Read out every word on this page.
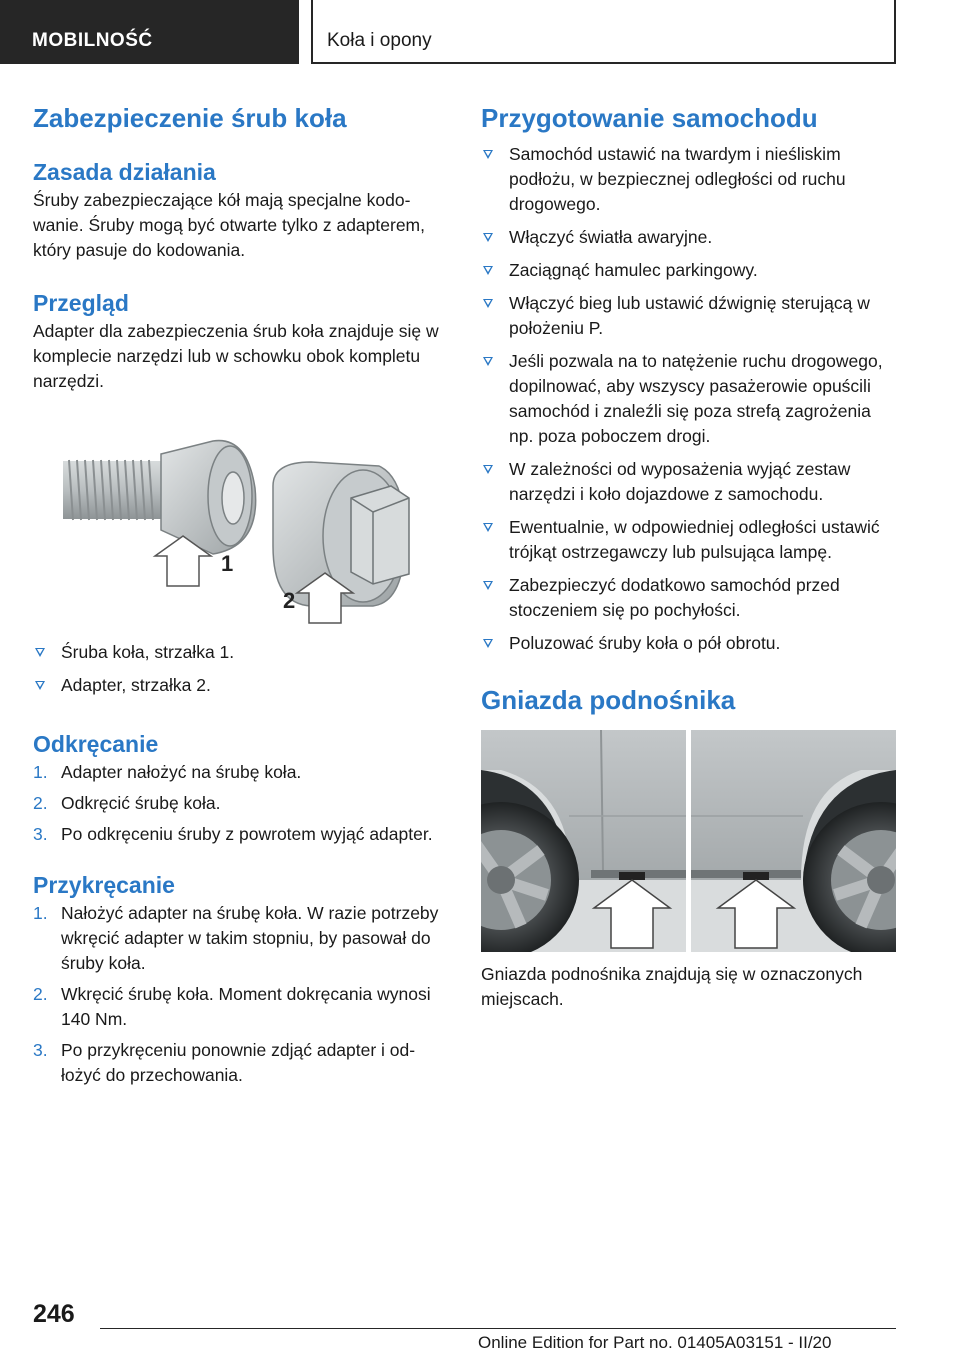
MOBILNOŚĆ	Koła i opony
Zabezpieczenie śrub koła
Zasada działania

Śruby zabezpieczające kół mają specjalne kodowanie. Śruby mogą być otwarte tylko z adapterem, który pasuje do kodowania.

Przegląd

Adapter dla zabezpieczenia śrub koła znajduje się w komplecie narzędzi lub w schowku obok kompletu narzędzi.

1
2
Śruba koła, strzałka 1.
Adapter, strzałka 2.
Odkręcanie
1. Adapter nałożyć na śrubę koła.
2. Odkręcić śrubę koła.
3. Po odkręceniu śruby z powrotem wyjąć adapter.
Przykręcanie
1. Nałożyć adapter na śrubę koła. W razie potrzeby wkręcić adapter w takim stopniu, by pasował do śruby koła.
2. Wkręcić śrubę koła. Moment dokręcania wynosi 140 Nm.
3. Po przykręceniu ponownie zdjąć adapter i odłożyć do przechowania.
Przygotowanie samochodu
Samochód ustawić na twardym i nieśliskim podłożu, w bezpiecznej odległości od ruchu drogowego.
Włączyć światła awaryjne.
Zaciągnąć hamulec parkingowy.
Włączyć bieg lub ustawić dźwignię sterującą w położeniu P.
Jeśli pozwala na to natężenie ruchu drogowego, dopilnować, aby wszyscy pasażerowie opuścili samochód i znaleźli się poza strefą zagrożenia np. poza poboczem drogi.
W zależności od wyposażenia wyjąć zestaw narzędzi i koło dojazdowe z samochodu.
Ewentualnie, w odpowiedniej odległości ustawić trójkąt ostrzegawczy lub pulsująca lampę.
Zabezpieczyć dodatkowo samochód przed stoczeniem się po pochyłości.
Poluzować śruby koła o pół obrotu.
Gniazda podnośnika

Gniazda podnośnika znajdują się w oznaczonych miejscach.

246
Online Edition for Part no. 01405A03151 - II/20
